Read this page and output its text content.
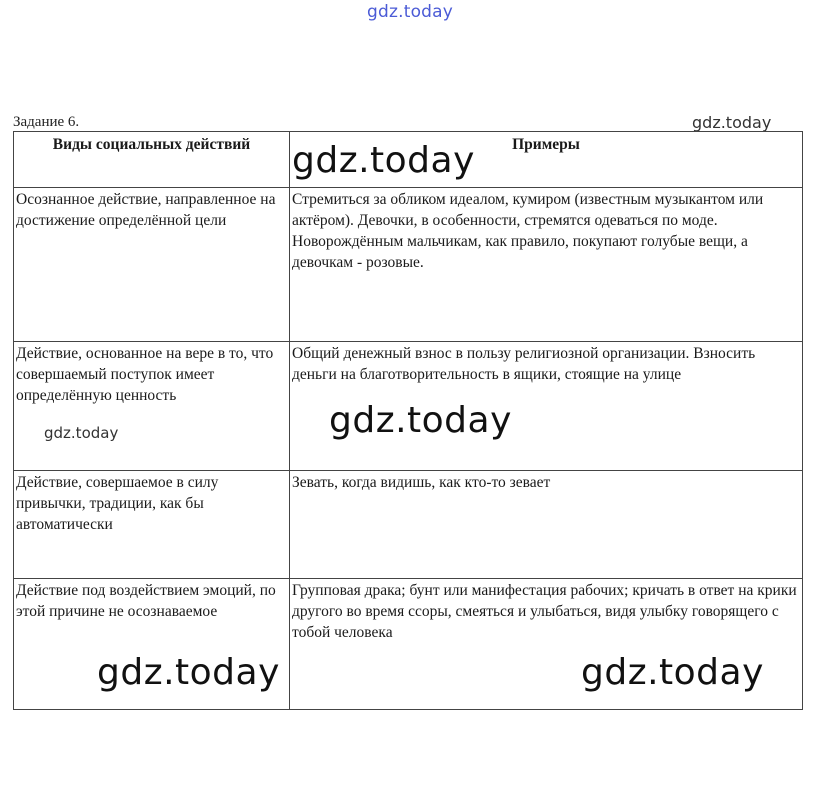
gdz.today
Задание 6.	gdz.today
Виды социальных действий	Примеры

Осознанное действие, направленное на достижение определённой цели	Стремиться за обликом идеалом, кумиром (известным музыкантом или актёром). Девочки, в особенности, стремятся одеваться по моде. Новорождённым мальчикам, как правило, покупают голубые вещи, а девочкам - розовые.

Действие, основанное на вере в то, что совершаемый поступок имеет определённую ценность	Общий денежный взнос в пользу религиозной организации. Взносить деньги на благотворительность в ящики, стоящие на улице

Действие, совершаемое в силу привычки, традиции, как бы автоматически	Зевать, когда видишь, как кто-то зевает

Действие под воздействием эмоций, по этой причине не осознаваемое	Групповая драка; бунт или манифестация рабочих; кричать в ответ на крики другого во время ссоры, смеяться и улыбаться, видя улыбку говорящего с тобой человека
gdz.today
gdz.today	gdz.today
gdz.today	gdz.today
